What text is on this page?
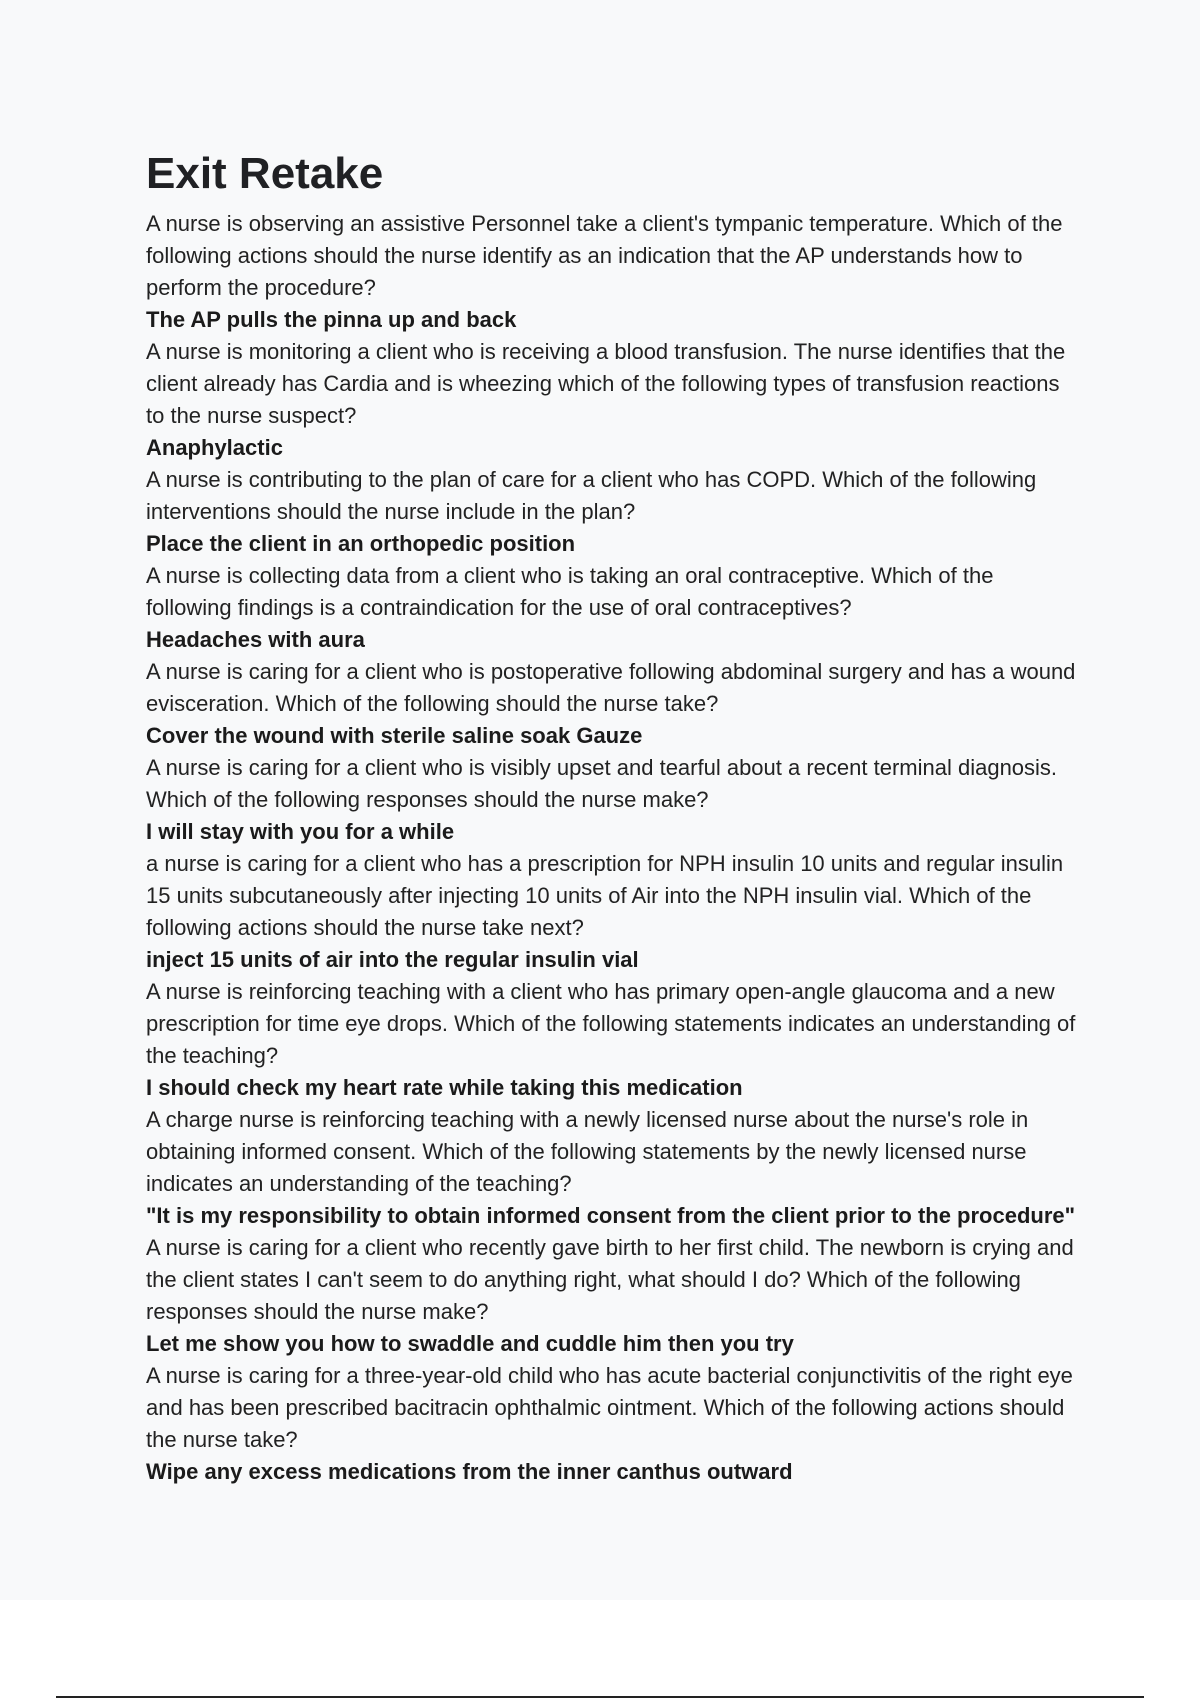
Exit Retake

A nurse is observing an assistive Personnel take a client's tympanic temperature. Which of the following actions should the nurse identify as an indication that the AP understands how to perform the procedure?

The AP pulls the pinna up and back

A nurse is monitoring a client who is receiving a blood transfusion. The nurse identifies that the client already has Cardia and is wheezing which of the following types of transfusion reactions to the nurse suspect?

Anaphylactic

A nurse is contributing to the plan of care for a client who has COPD. Which of the following interventions should the nurse include in the plan?

Place the client in an orthopedic position

A nurse is collecting data from a client who is taking an oral contraceptive. Which of the following findings is a contraindication for the use of oral contraceptives?

Headaches with aura

A nurse is caring for a client who is postoperative following abdominal surgery and has a wound evisceration. Which of the following should the nurse take?

Cover the wound with sterile saline soak Gauze

A nurse is caring for a client who is visibly upset and tearful about a recent terminal diagnosis. Which of the following responses should the nurse make?

I will stay with you for a while

a nurse is caring for a client who has a prescription for NPH insulin 10 units and regular insulin 15 units subcutaneously after injecting 10 units of Air into the NPH insulin vial. Which of the following actions should the nurse take next?

inject 15 units of air into the regular insulin vial

A nurse is reinforcing teaching with a client who has primary open-angle glaucoma and a new prescription for time eye drops. Which of the following statements indicates an understanding of the teaching?

I should check my heart rate while taking this medication

A charge nurse is reinforcing teaching with a newly licensed nurse about the nurse's role in obtaining informed consent. Which of the following statements by the newly licensed nurse indicates an understanding of the teaching?

"It is my responsibility to obtain informed consent from the client prior to the procedure"

A nurse is caring for a client who recently gave birth to her first child. The newborn is crying and the client states I can't seem to do anything right, what should I do? Which of the following responses should the nurse make?

Let me show you how to swaddle and cuddle him then you try

A nurse is caring for a three-year-old child who has acute bacterial conjunctivitis of the right eye and has been prescribed bacitracin ophthalmic ointment. Which of the following actions should the nurse take?

Wipe any excess medications from the inner canthus outward
